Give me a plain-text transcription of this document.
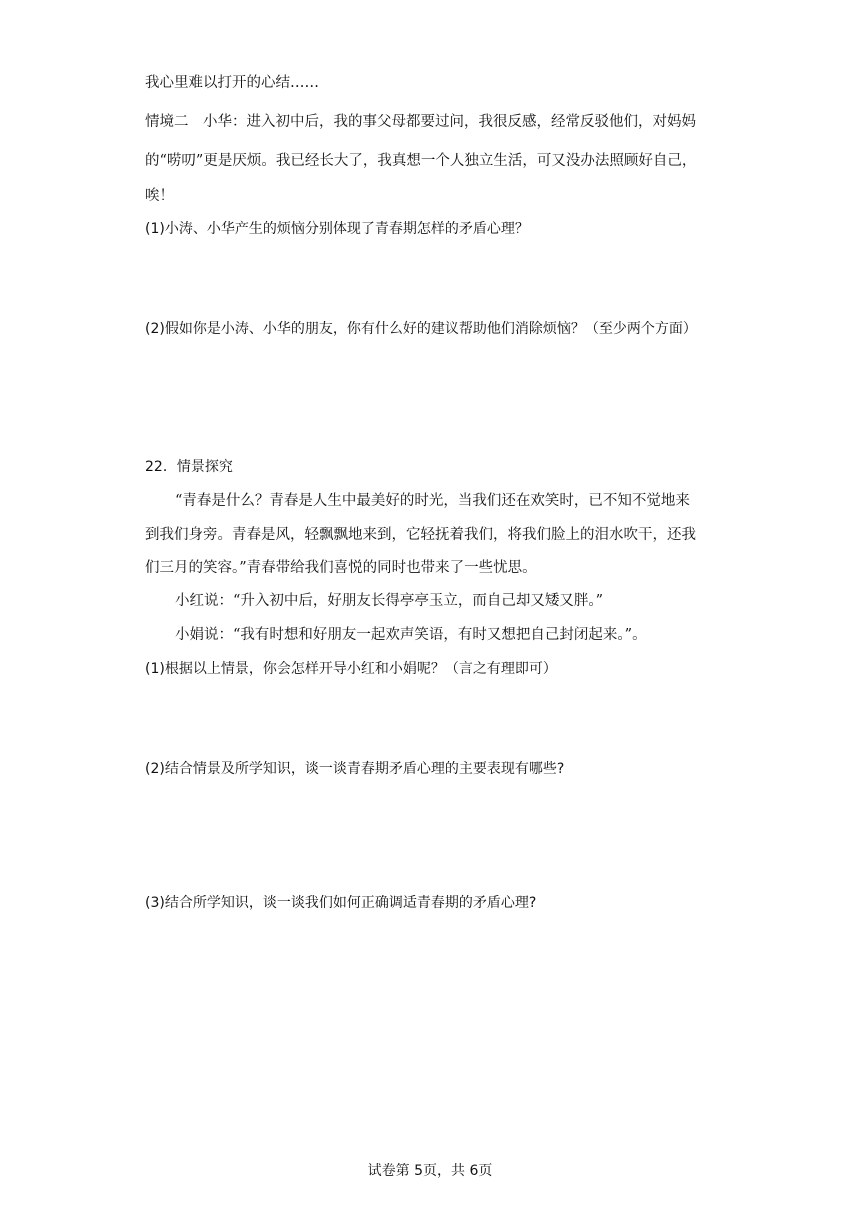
我心里难以打开的心结……
情境二　小华：进入初中后，我的事父母都要过问，我很反感，经常反驳他们，对妈妈
的“唠叨”更是厌烦。我已经长大了，我真想一个人独立生活，可又没办法照顾好自己，
唉！
(1)小涛、小华产生的烦恼分别体现了青春期怎样的矛盾心理？
(2)假如你是小涛、小华的朋友，你有什么好的建议帮助他们消除烦恼？（至少两个方面）
22．情景探究
“青春是什么？青春是人生中最美好的时光，当我们还在欢笑时，已不知不觉地来
到我们身旁。青春是风，轻飘飘地来到，它轻抚着我们，将我们脸上的泪水吹干，还我
们三月的笑容。”青春带给我们喜悦的同时也带来了一些忧思。
小红说：“升入初中后，好朋友长得亭亭玉立，而自己却又矮又胖。”
小娟说：“我有时想和好朋友一起欢声笑语，有时又想把自己封闭起来。”。
(1)根据以上情景，你会怎样开导小红和小娟呢？（言之有理即可）
(2)结合情景及所学知识，谈一谈青春期矛盾心理的主要表现有哪些?
(3)结合所学知识，谈一谈我们如何正确调适青春期的矛盾心理?
试卷第 5页，共 6页
